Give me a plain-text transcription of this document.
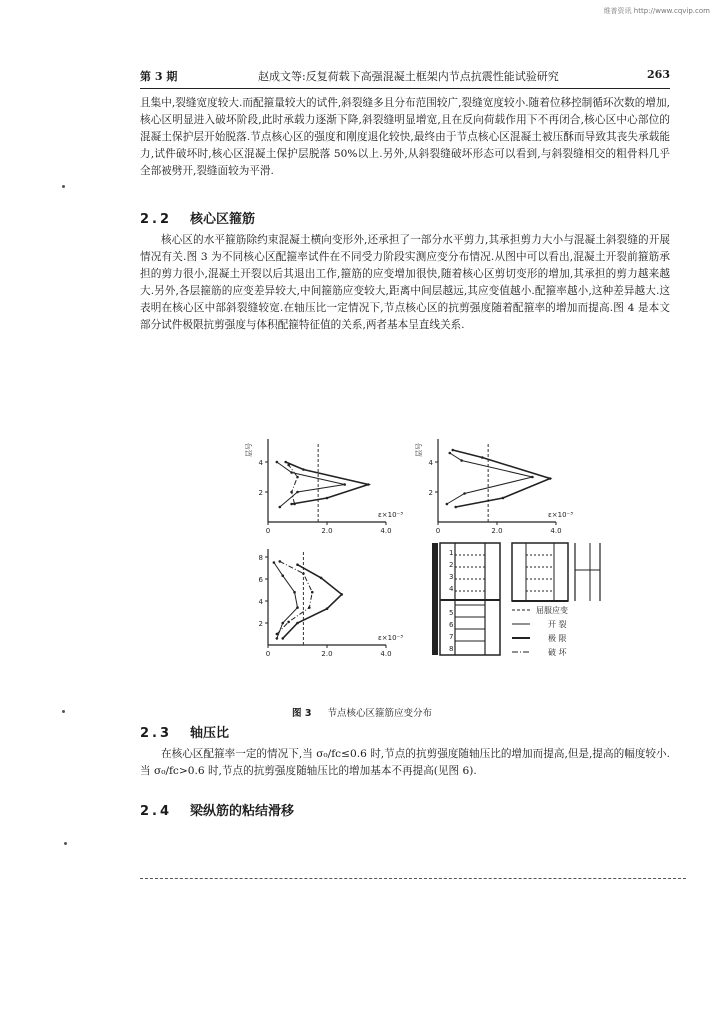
维普资讯 http://www.cqvip.com
第 3 期	赵成文等:反复荷载下高强混凝土框架内节点抗震性能试验研究	263

且集中,裂缝宽度较大.而配箍量较大的试件,斜裂缝多且分布范围较广,裂缝宽度较小.随着位移控制循环次数的增加,核心区明显进入破坏阶段,此时承载力逐渐下降,斜裂缝明显增宽,且在反向荷载作用下不再闭合,核心区中心部位的混凝土保护层开始脱落.节点核心区的强度和刚度退化较快,最终由于节点核心区混凝土被压酥而导致其丧失承载能力,试件破坏时,核心区混凝土保护层脱落 50%以上.另外,从斜裂缝破坏形态可以看到,与斜裂缝相交的粗骨料几乎全部被劈开,裂缝面较为平滑.

2.2 核心区箍筋

核心区的水平箍筋除约束混凝土横向变形外,还承担了一部分水平剪力,其承担剪力大小与混凝土斜裂缝的开展情况有关.图 3 为不同核心区配箍率试件在不同受力阶段实测应变分布情况.从图中可以看出,混凝土开裂前箍筋承担的剪力很小,混凝土开裂以后其退出工作,箍筋的应变增加很快,随着核心区剪切变形的增加,其承担的剪力越来越大.另外,各层箍筋的应变差异较大,中间箍筋应变较大,距离中间层越远,其应变值越小.配箍率越小,这种差异越大.这表明在核心区中部斜裂缝较宽.在轴压比一定情况下,节点核心区的抗剪强度随着配箍率的增加而提高.图 4 是本文部分试件极限抗剪强度与体积配箍特征值的关系,两者基本呈直线关系.

0	2.0	4.0
2
4
ε×10⁻³
层号
0	2.0	4.0
2
4
ε×10⁻³
层号
0	2.0	4.0
2
4
6
8
ε×10⁻³
1
2
3
4
5
6
7
8
屈服应变
开 裂
极 限
破 坏
图 3 节点核心区箍筋应变分布
2.3 轴压比

在核心区配箍率一定的情况下,当 σ₀/fc≤0.6 时,节点的抗剪强度随轴压比的增加而提高,但是,提高的幅度较小.当 σ₀/fc>0.6 时,节点的抗剪强度随轴压比的增加基本不再提高(见图 6).

2.4 梁纵筋的粘结滑移
